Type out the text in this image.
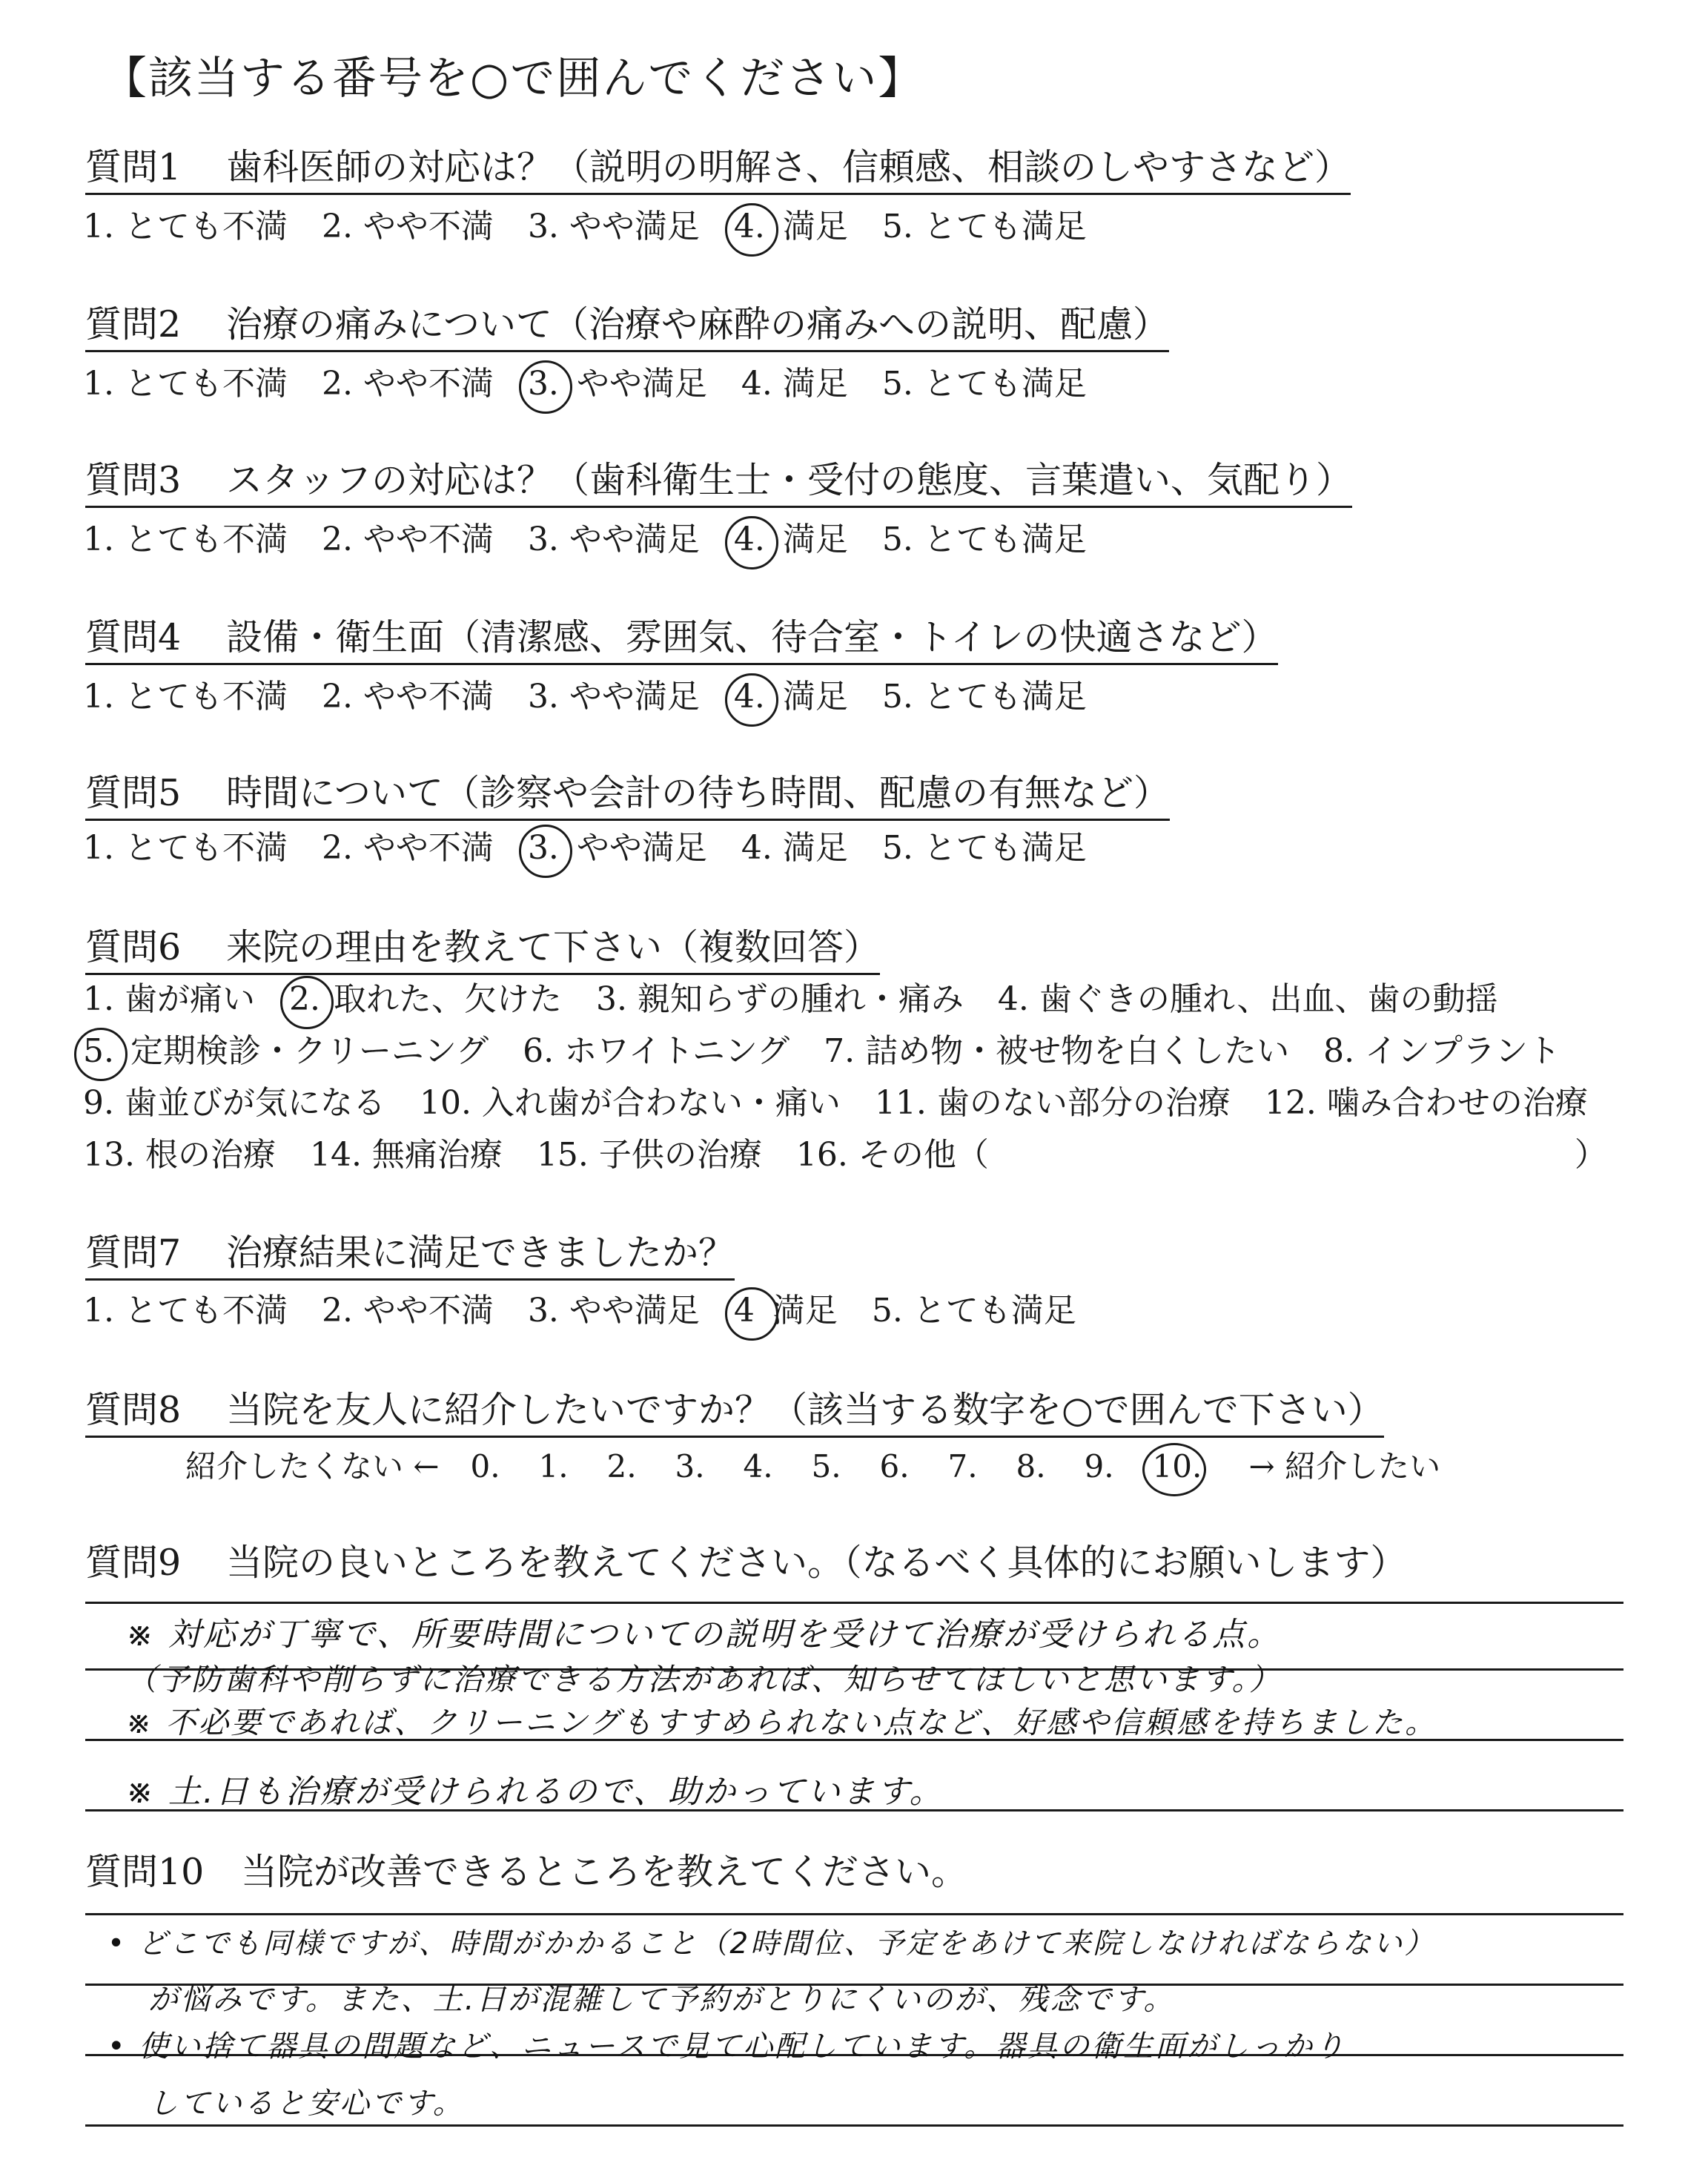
【該当する番号を○で囲んでください】
質問1 歯科医師の対応は？（説明の明解さ、信頼感、相談のしやすさなど）
1. とても不満 2. やや不満 3. やや満足 4. 満足 5. とても満足
質問2 治療の痛みについて（治療や麻酔の痛みへの説明、配慮）
1. とても不満 2. やや不満 3. やや満足 4. 満足 5. とても満足
質問3 スタッフの対応は？（歯科衛生士・受付の態度、言葉遣い、気配り）
1. とても不満 2. やや不満 3. やや満足 4. 満足 5. とても満足
質問4 設備・衛生面（清潔感、雰囲気、待合室・トイレの快適さなど）
1. とても不満 2. やや不満 3. やや満足 4. 満足 5. とても満足
質問5 時間について（診察や会計の待ち時間、配慮の有無など）
1. とても不満 2. やや不満 3. やや満足 4. 満足 5. とても満足
質問6 来院の理由を教えて下さい（複数回答）
1. 歯が痛い 2. 取れた、欠けた 3. 親知らずの腫れ・痛み 4. 歯ぐきの腫れ、出血、歯の動揺
5. 定期検診・クリーニング 6. ホワイトニング 7. 詰め物・被せ物を白くしたい 8. インプラント
9. 歯並びが気になる 10. 入れ歯が合わない・痛い 11. 歯のない部分の治療 12. 噛み合わせの治療
13. 根の治療 14. 無痛治療 15. 子供の治療 16. その他（	）
質問7 治療結果に満足できましたか？
1. とても不満 2. やや不満 3. やや満足 4 満足 5. とても満足
質問8 当院を友人に紹介したいですか？（該当する数字を○で囲んで下さい）
紹介したくない ← 0. 1. 2. 3. 4. 5. 6. 7. 8. 9. 10. → 紹介したい
質問9 当院の良いところを教えてください。（なるべく具体的にお願いします）
※ 対応が丁寧で、所要時間についての説明を受けて治療が受けられる点。
（予防歯科や削らずに治療できる方法があれば、知らせてほしいと思います。）
※ 不必要であれば、クリーニングもすすめられない点など、好感や信頼感を持ちました。
※ 土.日も治療が受けられるので、助かっています。
質問10 当院が改善できるところを教えてください。
• どこでも同様ですが、時間がかかること（2時間位、予定をあけて来院しなければならない）
が悩みです。また、土.日が混雑して予約がとりにくいのが、残念です。
• 使い捨て器具の問題など、ニュースで見て心配しています。器具の衛生面がしっかり
していると安心です。
